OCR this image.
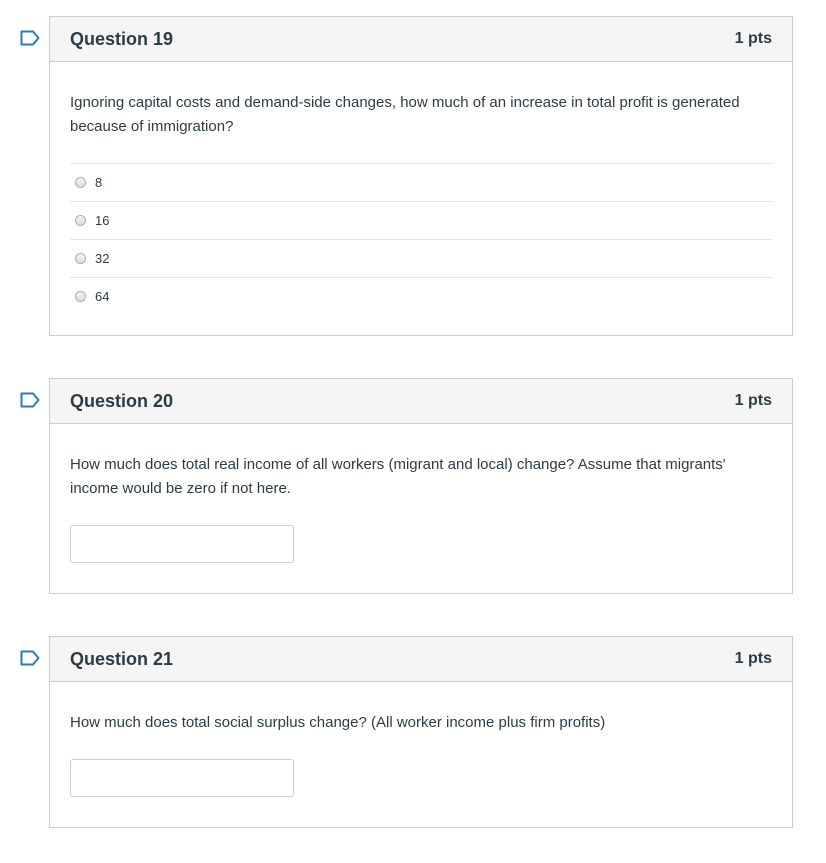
Question 19	1 pts

Ignoring capital costs and demand-side changes, how much of an increase in total profit is generated because of immigration?

8
16
32
64
Question 20	1 pts

How much does total real income of all workers (migrant and local) change? Assume that migrants' income would be zero if not here.

Question 21	1 pts

How much does total social surplus change? (All worker income plus firm profits)
